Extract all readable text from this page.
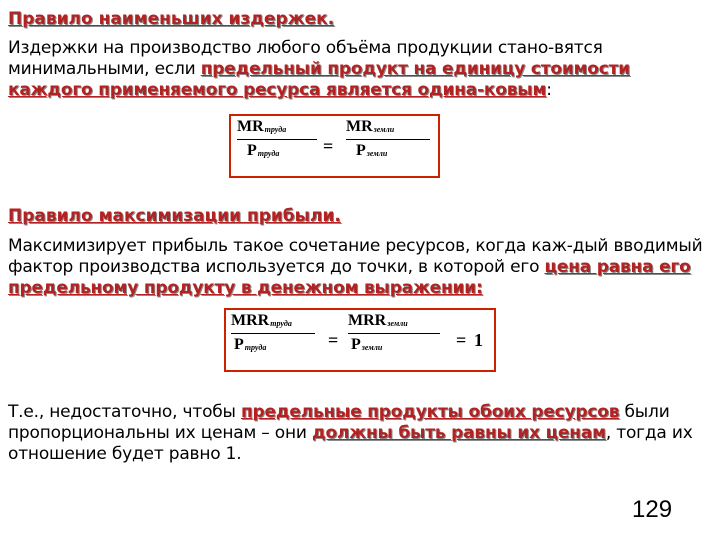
Правило наименьших издержек.
Издержки на производство любого объёма продукции стано-вятся минимальными, если предельный продукт на единицу стоимости каждого применяемого ресурса является одина-ковым:
MRтруда
Pтруда =
MRземли
Pземли
Правило максимизации прибыли.
Максимизирует прибыль такое сочетание ресурсов, когда каж-дый вводимый фактор производства используется до точки, в которой его цена равна его предельному продукту в денежном выражении:
MRRтруда
Pтруда	=
MRRземли
Pземли	= 1
Т.е., недостаточно, чтобы предельные продукты обоих ресурсов были пропорциональны их ценам – они должны быть равны их ценам, тогда их отношение будет равно 1.
129
